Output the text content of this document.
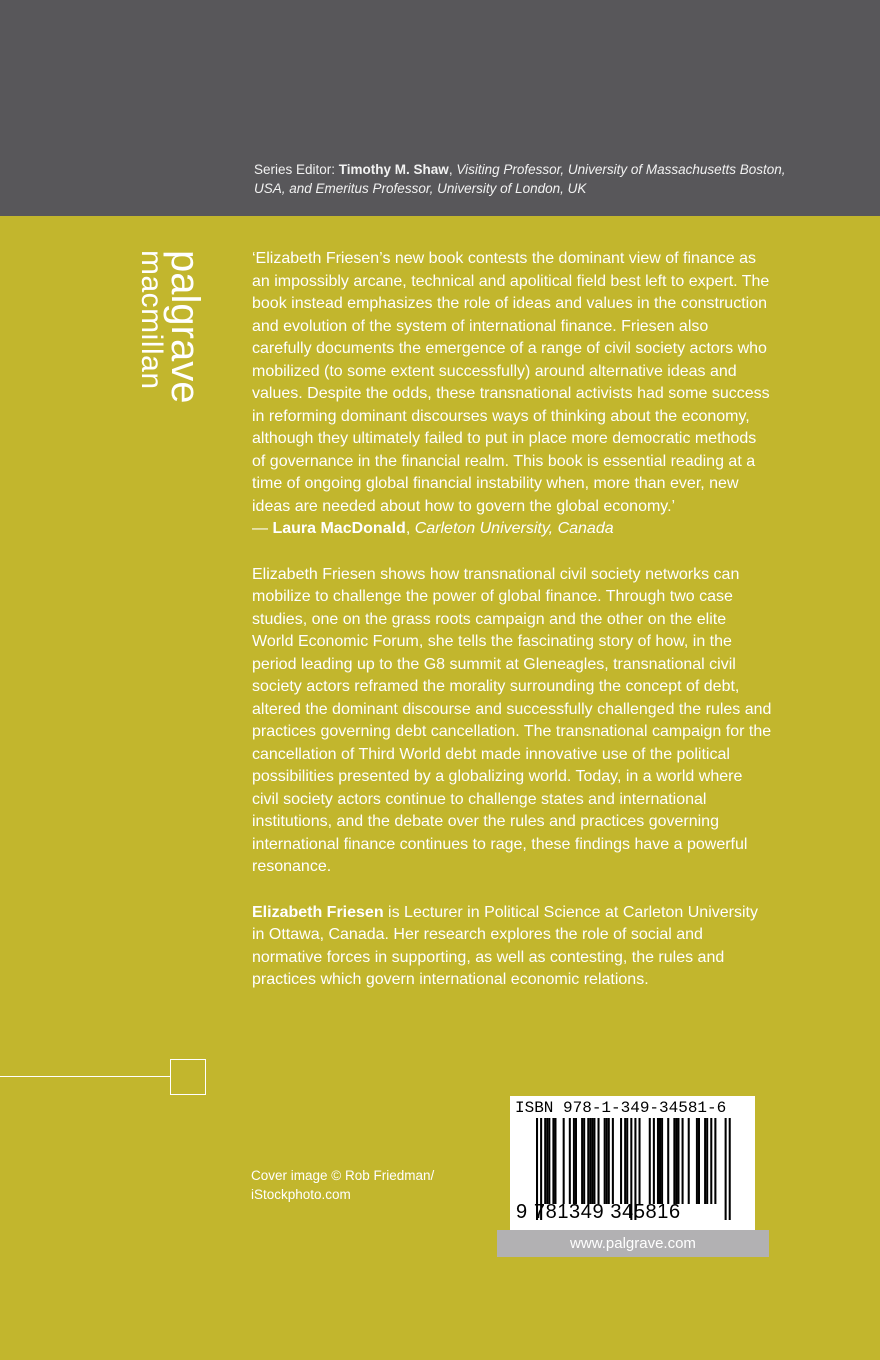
Series Editor: Timothy M. Shaw, Visiting Professor, University of Massachusetts Boston, USA, and Emeritus Professor, University of London, UK
palgrave
macmillan	‘Elizabeth Friesen’s new book contests the dominant view of finance as an impossibly arcane, technical and apolitical field best left to expert. The book instead emphasizes the role of ideas and values in the construction and evolution of the system of international finance. Friesen also carefully documents the emergence of a range of civil society actors who mobilized (to some extent successfully) around alternative ideas and values. Despite the odds, these transnational activists had some success in reforming dominant discourses ways of thinking about the economy, although they ultimately failed to put in place more democratic methods of governance in the financial realm. This book is essential reading at a time of ongoing global financial instability when, more than ever, new ideas are needed about how to govern the global economy.’

— Laura MacDonald, Carleton University, Canada

Elizabeth Friesen shows how transnational civil society networks can mobilize to challenge the power of global finance. Through two case studies, one on the grass roots campaign and the other on the elite World Economic Forum, she tells the fascinating story of how, in the period leading up to the G8 summit at Gleneagles, transnational civil society actors reframed the morality surrounding the concept of debt, altered the dominant discourse and successfully challenged the rules and practices governing debt cancellation. The transnational campaign for the cancellation of Third World debt made innovative use of the political possibilities presented by a globalizing world. Today, in a world where civil society actors continue to challenge states and international institutions, and the debate over the rules and practices governing international finance continues to rage, these findings have a powerful resonance.

Elizabeth Friesen is Lecturer in Political Science at Carleton University in Ottawa, Canada. Her research explores the role of social and normative forces in supporting, as well as contesting, the rules and practices which govern international economic relations.

Cover image © Rob Friedman/
iStockphoto.com
ISBN 978-1-349-34581-6
9 781349 345816
www.palgrave.com
